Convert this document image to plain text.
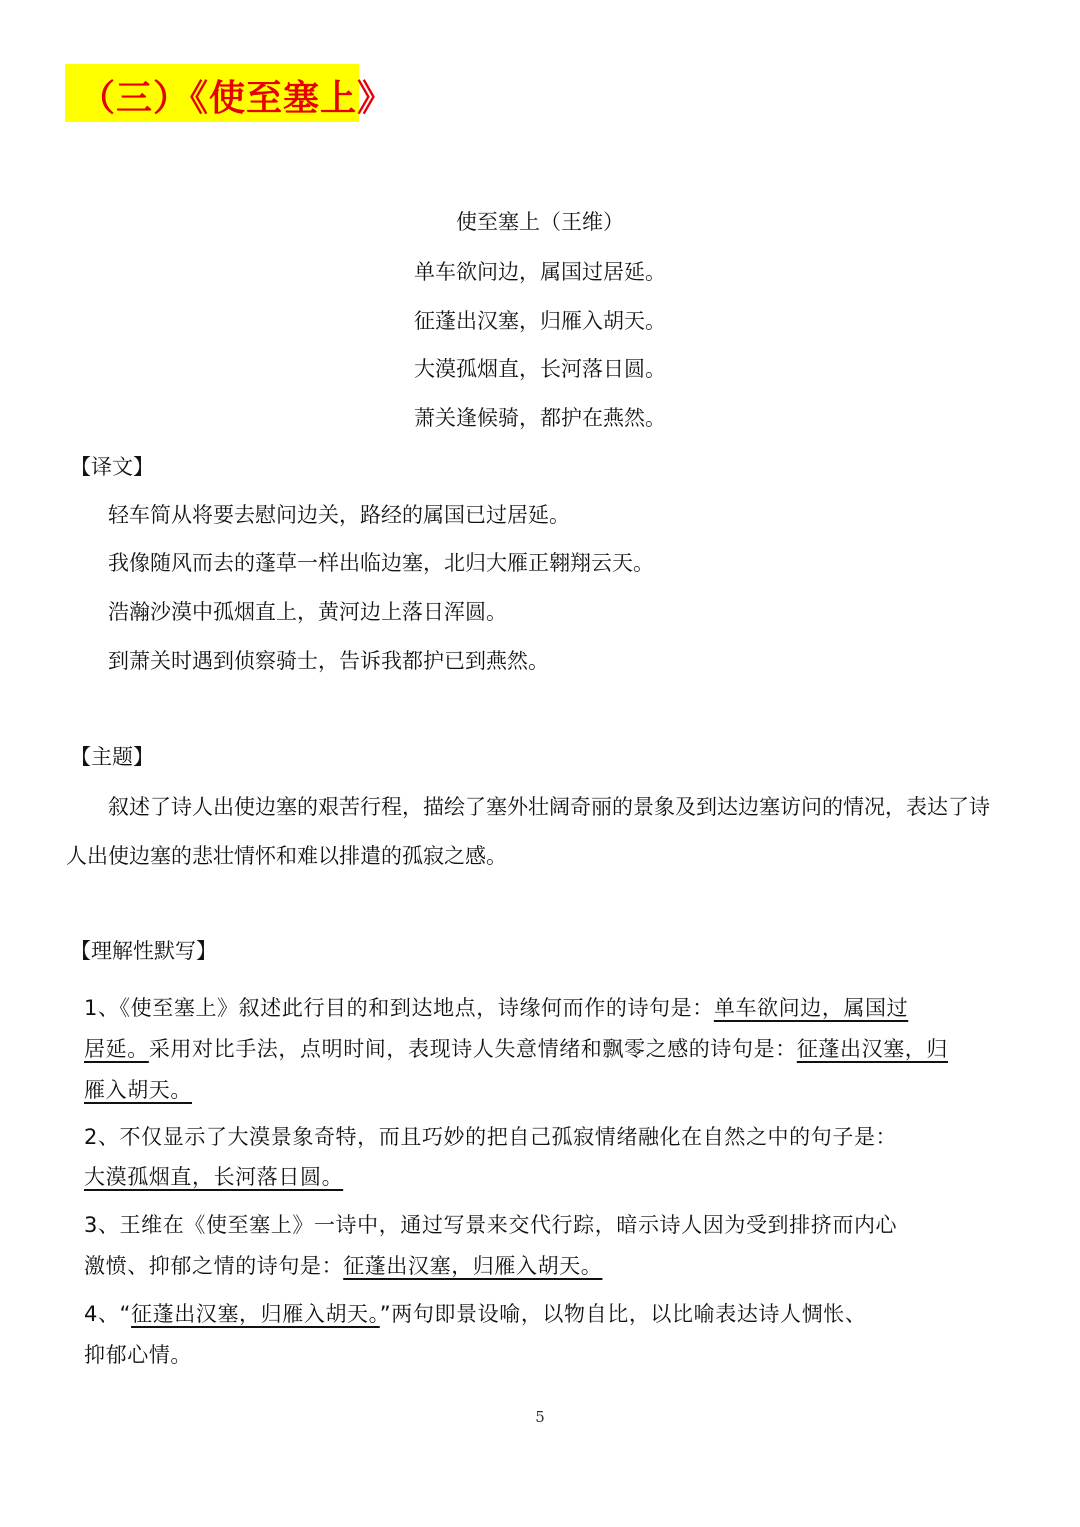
（三）《使至塞上》
使至塞上（王维）
单车欲问边，属国过居延。
征蓬出汉塞，归雁入胡天。
大漠孤烟直，长河落日圆。
萧关逢候骑，都护在燕然。
【译文】
轻车简从将要去慰问边关，路经的属国已过居延。
我像随风而去的蓬草一样出临边塞，北归大雁正翱翔云天。
浩瀚沙漠中孤烟直上，黄河边上落日浑圆。
到萧关时遇到侦察骑士，告诉我都护已到燕然。
【主题】
叙述了诗人出使边塞的艰苦行程，描绘了塞外壮阔奇丽的景象及到达边塞访问的情况，表达了诗
人出使边塞的悲壮情怀和难以排遣的孤寂之感。
【理解性默写】
1、《使至塞上》叙述此行目的和到达地点，诗缘何而作的诗句是：单车欲问边，属国过
居延。采用对比手法，点明时间，表现诗人失意情绪和飘零之感的诗句是：征蓬出汉塞，归
雁入胡天。
2、不仅显示了大漠景象奇特，而且巧妙的把自己孤寂情绪融化在自然之中的句子是：
大漠孤烟直，长河落日圆。
3、王维在《使至塞上》一诗中，通过写景来交代行踪，暗示诗人因为受到排挤而内心
激愤、抑郁之情的诗句是：征蓬出汉塞，归雁入胡天。
4、“征蓬出汉塞，归雁入胡天。”两句即景设喻，以物自比，以比喻表达诗人惆怅、
抑郁心情。
5
